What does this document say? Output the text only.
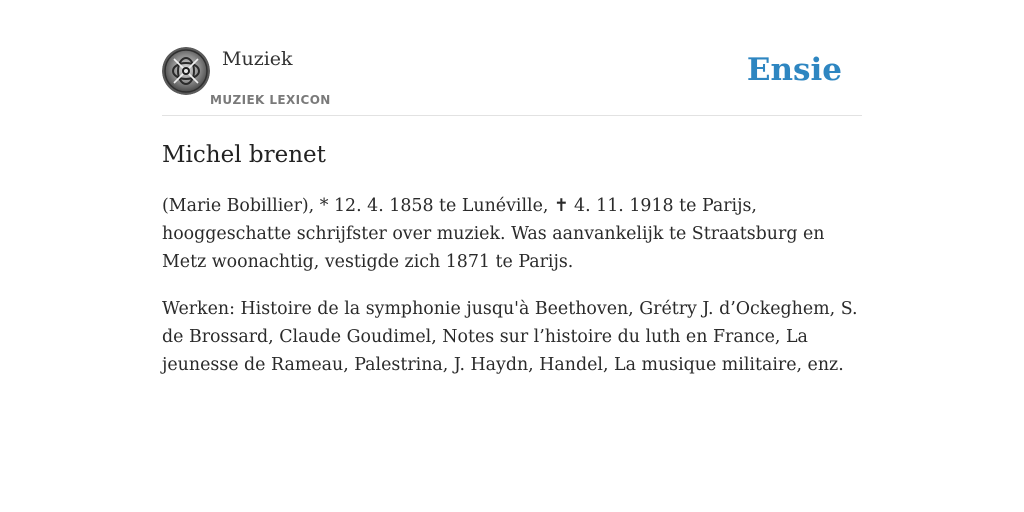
Muziek
MUZIEK LEXICON
Ensie
Michel brenet

(Marie Bobillier), * 12. 4. 1858 te Lunéville, ✝ 4. 11. 1918 te Parijs, hooggeschatte schrijfster over muziek. Was aanvankelijk te Straatsburg en Metz woonachtig, vestigde zich 1871 te Parijs.

Werken: Histoire de la symphonie jusqu'à Beethoven, Grétry J. d’Ockeghem, S. de Brossard, Claude Goudimel, Notes sur l’histoire du luth en France, La jeunesse de Rameau, Palestrina, J. Haydn, Handel, La musique militaire, enz.
